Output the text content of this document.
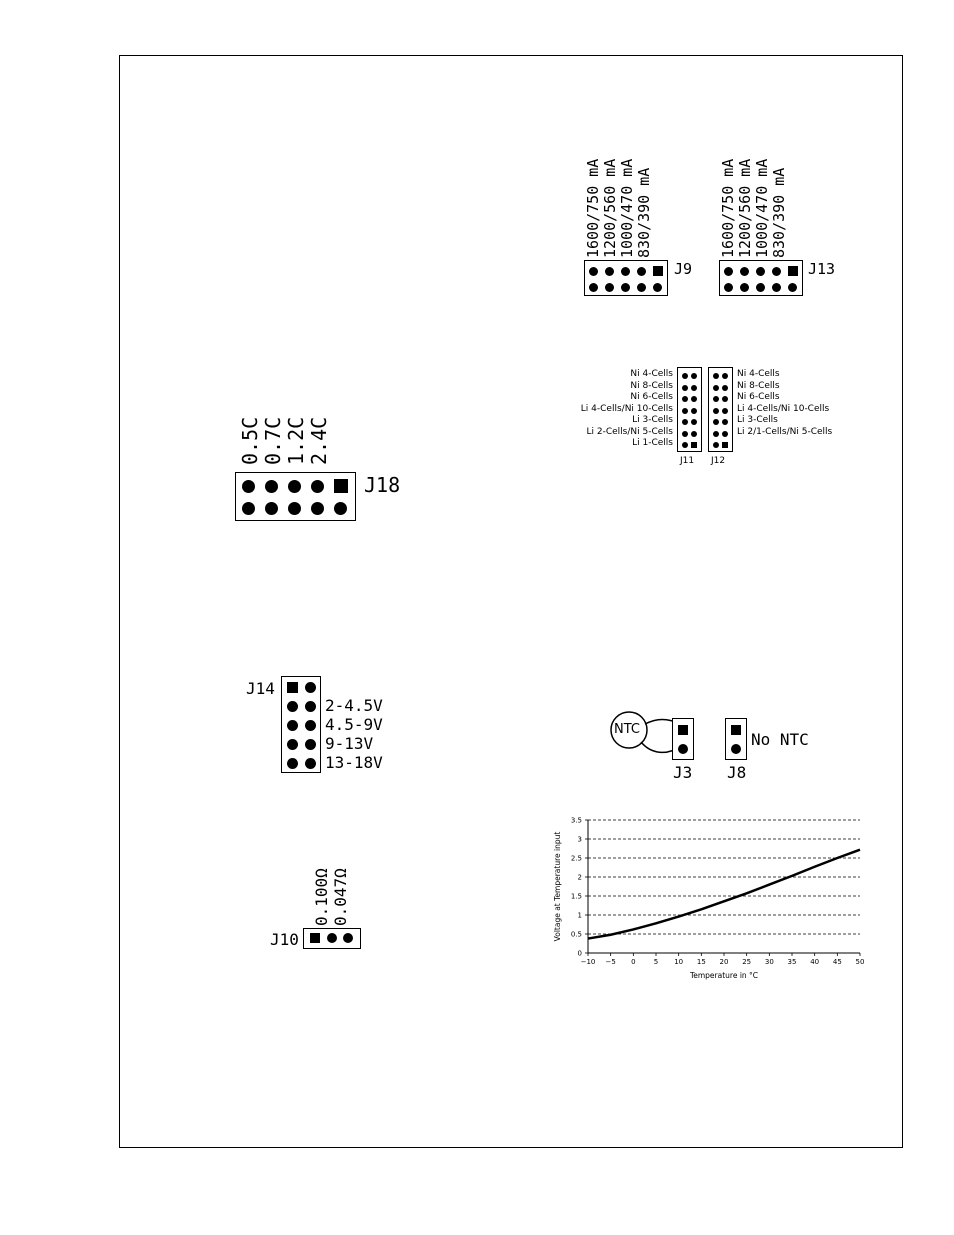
1600/750 mA 1200/560 mA 1000/470 mA 830/390 mA
J9
1600/750 mA 1200/560 mA 1000/470 mA 830/390 mA
J13
Ni 4-Cells
Ni 8-Cells
Ni 6-Cells
Li 4-Cells/Ni 10-Cells
Li 3-Cells
Li 2-Cells/Ni 5-Cells
Li 1-Cells
J11
Ni 4-Cells
Ni 8-Cells
Ni 6-Cells
Li 4-Cells/Ni 10-Cells
Li 3-Cells
Li 2/1-Cells/Ni 5-Cells
J12
0.5C 0.7C 1.2C 2.4C
J18
J14
2-4.5V
4.5-9V
9-13V
13-18V
NTC
J3
No NTC
J8
0.100Ω 0.047Ω
J10
0
0.5
1
1.5
2
2.5
3
3.5
−10 −5 0	5 10 15 20 25 30 35 40 45 50
Temperature in °C
Voltage at Temperature input
